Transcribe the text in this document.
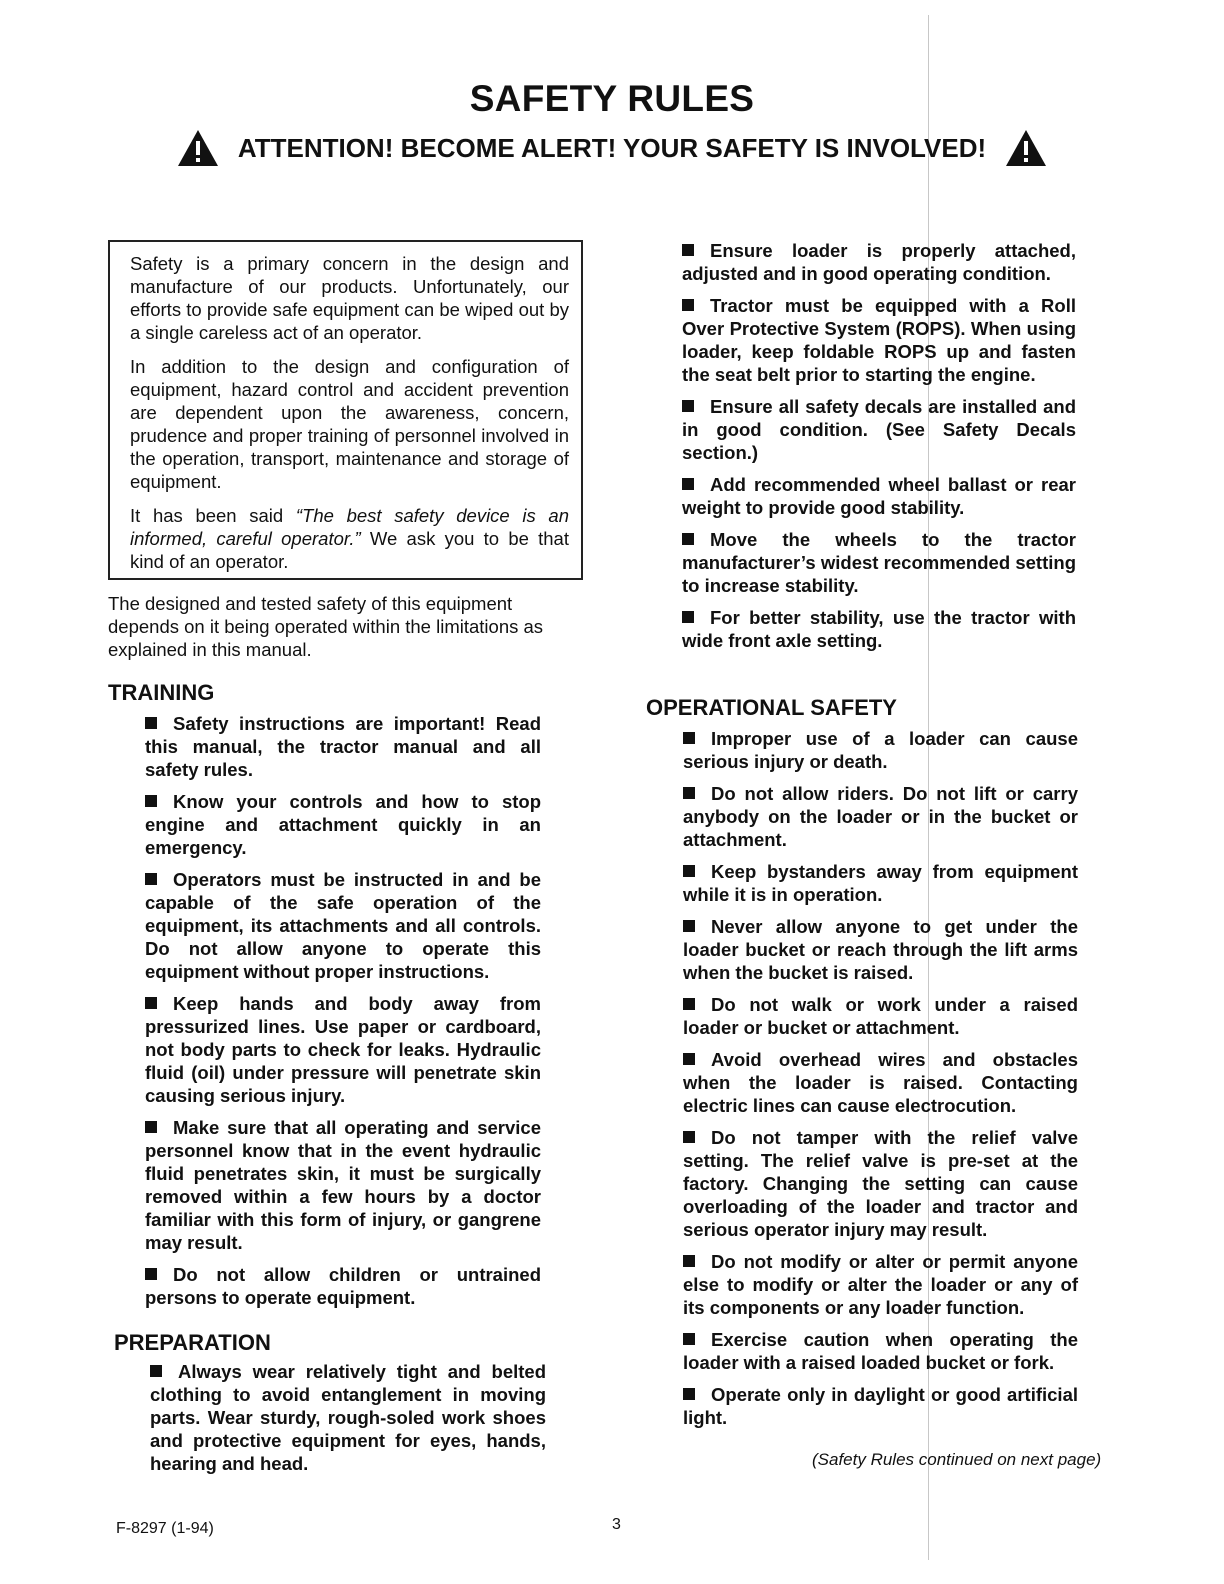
SAFETY RULES
ATTENTION! BECOME ALERT! YOUR SAFETY IS INVOLVED!

Safety is a primary concern in the design and manufacture of our products. Unfortunately, our efforts to provide safe equipment can be wiped out by a single careless act of an operator.

In addition to the design and configuration of equipment, hazard control and accident prevention are dependent upon the awareness, concern, prudence and proper training of personnel involved in the operation, transport, maintenance and storage of equipment.

It has been said “The best safety device is an informed, careful operator.” We ask you to be that kind of an operator.

The designed and tested safety of this equipment depends on it being operated within the limitations as explained in this manual.

TRAINING
Safety instructions are important! Read this manual, the tractor manual and all safety rules.
Know your controls and how to stop engine and attachment quickly in an emergency.
Operators must be instructed in and be capable of the safe operation of the equipment, its attachments and all controls. Do not allow anyone to operate this equipment without proper instructions.
Keep hands and body away from pressurized lines. Use paper or cardboard, not body parts to check for leaks. Hydraulic fluid (oil) under pressure will penetrate skin causing serious injury.
Make sure that all operating and service personnel know that in the event hydraulic fluid penetrates skin, it must be surgically removed within a few hours by a doctor familiar with this form of injury, or gangrene may result.
Do not allow children or untrained persons to operate equipment.
PREPARATION
Always wear relatively tight and belted clothing to avoid entanglement in moving parts. Wear sturdy, rough-soled work shoes and protective equipment for eyes, hands, hearing and head.
Ensure loader is properly attached, adjusted and in good operating condition.
Tractor must be equipped with a Roll Over Protective System (ROPS). When using loader, keep foldable ROPS up and fasten the seat belt prior to starting the engine.
Ensure all safety decals are installed and in good condition. (See Safety Decals section.)
Add recommended wheel ballast or rear weight to provide good stability.
Move the wheels to the tractor manufacturer’s widest recommended setting to increase stability.
For better stability, use the tractor with wide front axle setting.
OPERATIONAL SAFETY
Improper use of a loader can cause serious injury or death.
Do not allow riders. Do not lift or carry anybody on the loader or in the bucket or attachment.
Keep bystanders away from equipment while it is in operation.
Never allow anyone to get under the loader bucket or reach through the lift arms when the bucket is raised.
Do not walk or work under a raised loader or bucket or attachment.
Avoid overhead wires and obstacles when the loader is raised. Contacting electric lines can cause electrocution.
Do not tamper with the relief valve setting. The relief valve is pre-set at the factory. Changing the setting can cause overloading of the loader and tractor and serious operator injury may result.
Do not modify or alter or permit anyone else to modify or alter the loader or any of its components or any loader function.
Exercise caution when operating the loader with a raised loaded bucket or fork.
Operate only in daylight or good artificial light.
(Safety Rules continued on next page)
F-8297 (1-94)	3
